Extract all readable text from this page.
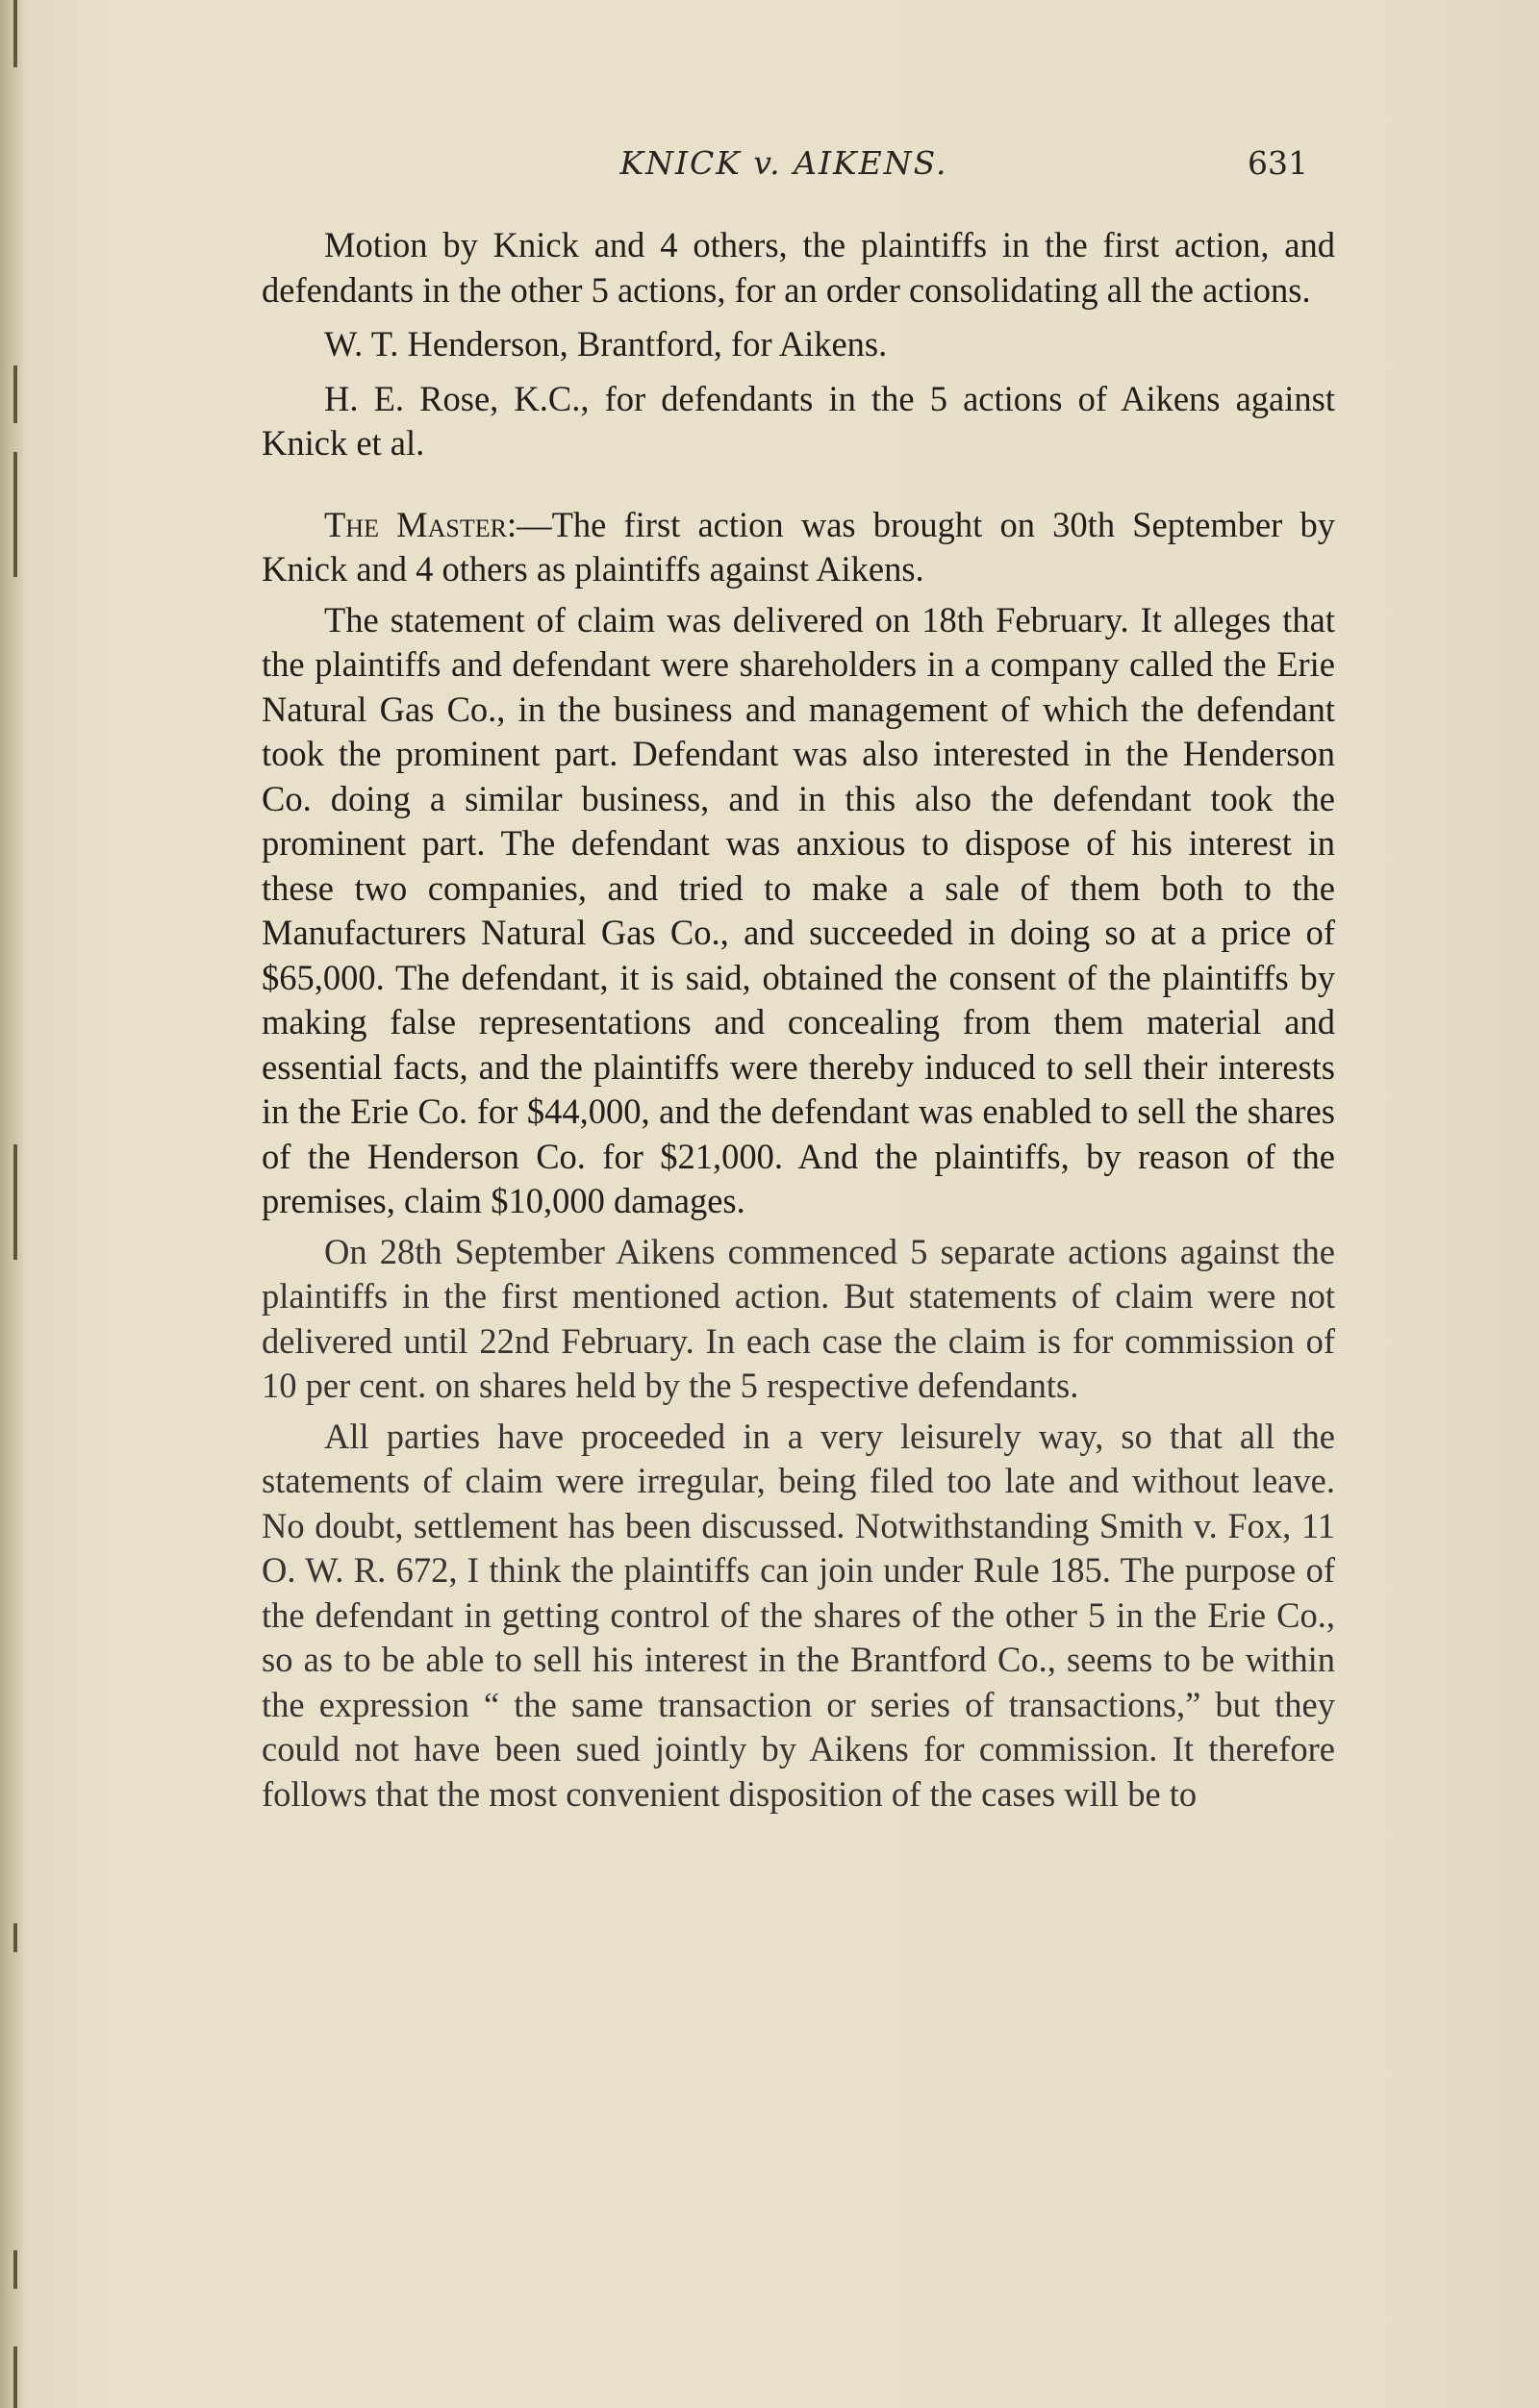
KNICK v. AIKENS.	631

Motion by Knick and 4 others, the plaintiffs in the first action, and defendants in the other 5 actions, for an order consolidating all the actions.

W. T. Henderson, Brantford, for Aikens.

H. E. Rose, K.C., for defendants in the 5 actions of Aikens against Knick et al.

The Master:—The first action was brought on 30th September by Knick and 4 others as plaintiffs against Aikens.

The statement of claim was delivered on 18th February. It alleges that the plaintiffs and defendant were shareholders in a company called the Erie Natural Gas Co., in the business and management of which the defendant took the prominent part. Defendant was also interested in the Henderson Co. doing a similar business, and in this also the defendant took the prominent part. The defendant was anxious to dispose of his interest in these two companies, and tried to make a sale of them both to the Manufacturers Natural Gas Co., and succeeded in doing so at a price of $65,000. The defendant, it is said, obtained the consent of the plaintiffs by making false representations and concealing from them material and essential facts, and the plaintiffs were thereby induced to sell their interests in the Erie Co. for $44,000, and the defendant was enabled to sell the shares of the Henderson Co. for $21,000. And the plaintiffs, by reason of the premises, claim $10,000 damages.

On 28th September Aikens commenced 5 separate actions against the plaintiffs in the first mentioned action. But statements of claim were not delivered until 22nd February. In each case the claim is for commission of 10 per cent. on shares held by the 5 respective defendants.

All parties have proceeded in a very leisurely way, so that all the statements of claim were irregular, being filed too late and without leave. No doubt, settlement has been discussed. Notwithstanding Smith v. Fox, 11 O. W. R. 672, I think the plaintiffs can join under Rule 185. The purpose of the defendant in getting control of the shares of the other 5 in the Erie Co., so as to be able to sell his interest in the Brantford Co., seems to be within the expression “ the same transaction or series of transactions,” but they could not have been sued jointly by Aikens for commission. It therefore follows that the most convenient disposition of the cases will be to
